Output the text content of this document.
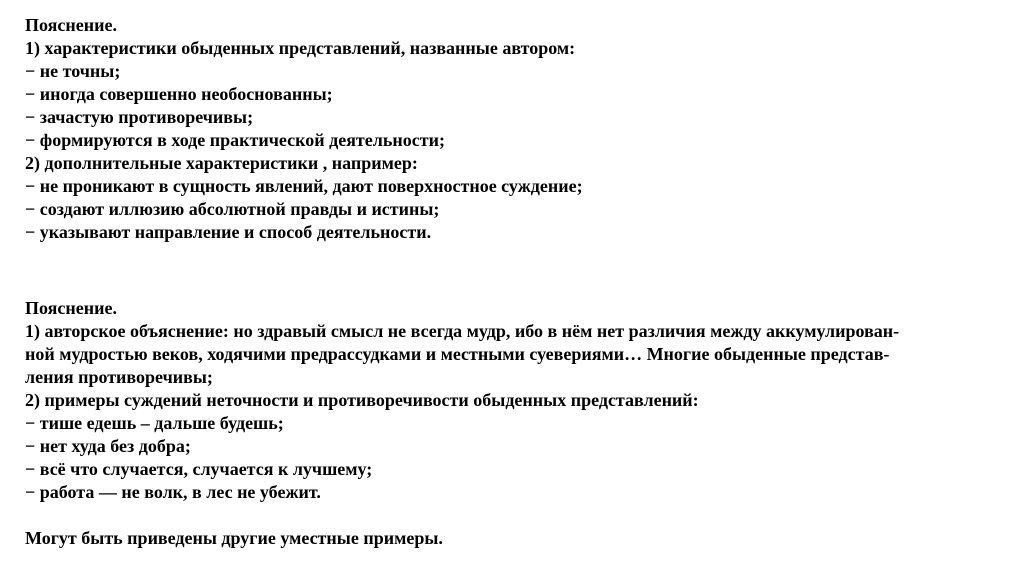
Пояснение.
1) характеристики обыденных представлений, названные автором:
− не точны;
− иногда совершенно необоснованны;
− зачастую противоречивы;
− формируются в ходе практической деятельности;
2) дополнительные характеристики , например:
− не проникают в сущность явлений, дают поверхностное суждение;
− создают иллюзию абсолютной правды и истины;
− указывают направление и способ деятельности.
Пояснение.
1) авторское объяснение: но здравый смысл не всегда мудр, ибо в нём нет различия между аккумулирован-
ной мудростью веков, ходячими предрассудками и местными суевериями… Многие обыденные представ-
ления противоречивы;
2) примеры суждений неточности и противоречивости обыденных представлений:
− тише едешь – дальше будешь;
− нет худа без добра;
− всё что случается, случается к лучшему;
− работа — не волк, в лес не убежит.
Могут быть приведены другие уместные примеры.
